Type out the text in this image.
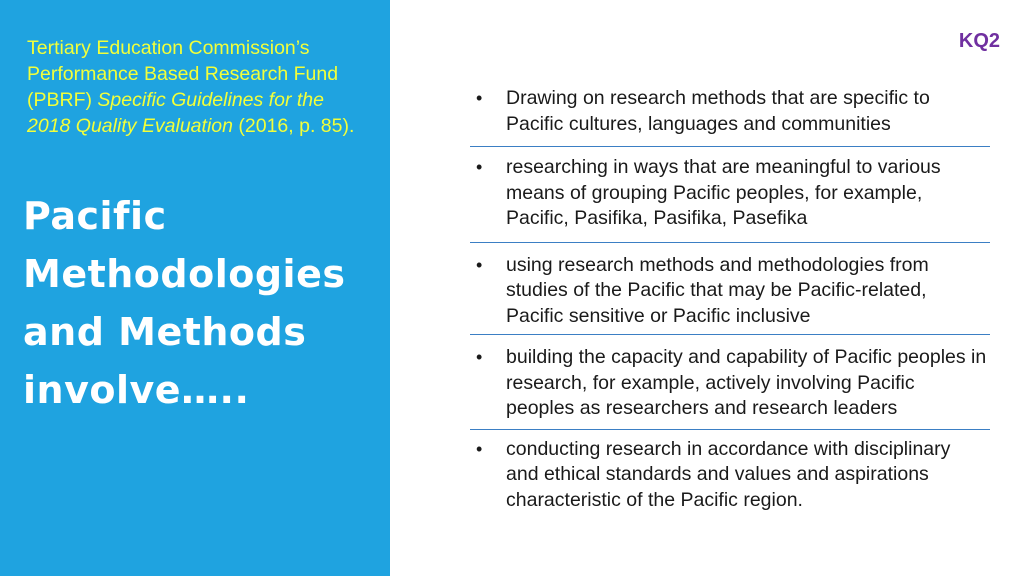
Tertiary Education Commission’s Performance Based Research Fund (PBRF) Specific Guidelines for the 2018 Quality Evaluation (2016, p. 85).
Pacific
Methodologies
and Methods
involve…..
KQ2
• Drawing on research methods that are specific to Pacific cultures, languages and communities
• researching in ways that are meaningful to various means of grouping Pacific peoples, for example, Pacific, Pasifika, Pasifika, Pasefika
• using research methods and methodologies from studies of the Pacific that may be Pacific-related, Pacific sensitive or Pacific inclusive
• building the capacity and capability of Pacific peoples in research, for example, actively involving Pacific peoples as researchers and research leaders
• conducting research in accordance with disciplinary and ethical standards and values and aspirations characteristic of the Pacific region.
